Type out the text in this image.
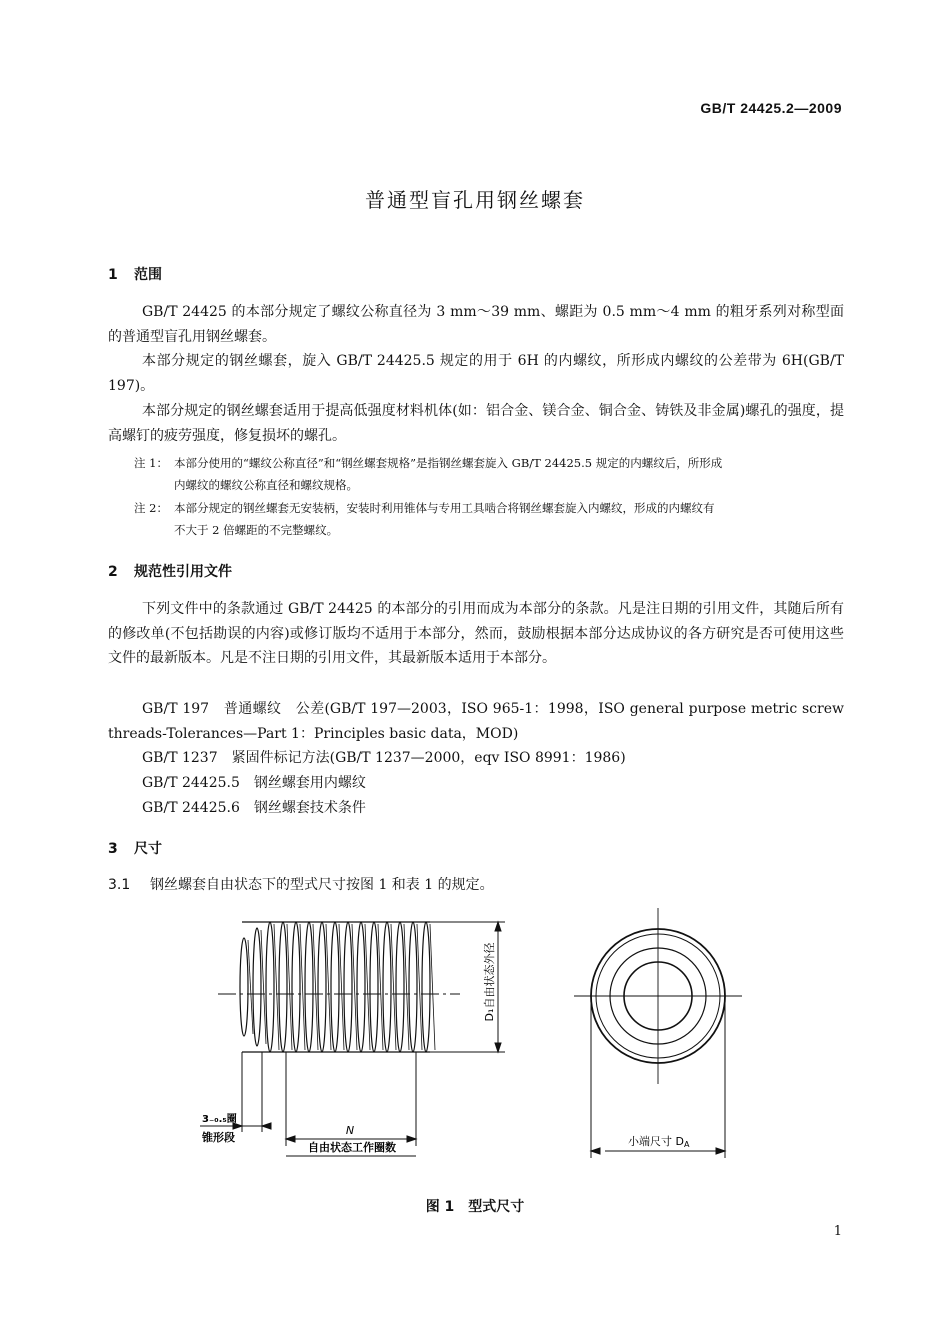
GB/T 24425.2—2009
普通型盲孔用钢丝螺套
1 范围
GB/T 24425 的本部分规定了螺纹公称直径为 3 mm～39 mm、螺距为 0.5 mm～4 mm 的粗牙系列对称型面的普通型盲孔用钢丝螺套。
本部分规定的钢丝螺套，旋入 GB/T 24425.5 规定的用于 6H 的内螺纹，所形成内螺纹的公差带为 6H(GB/T 197)。
本部分规定的钢丝螺套适用于提高低强度材料机体(如：铝合金、镁合金、铜合金、铸铁及非金属)螺孔的强度，提高螺钉的疲劳强度，修复损坏的螺孔。
注 1： 本部分使用的“螺纹公称直径”和“钢丝螺套规格”是指钢丝螺套旋入 GB/T 24425.5 规定的内螺纹后，所形成
内螺纹的螺纹公称直径和螺纹规格。
注 2： 本部分规定的钢丝螺套无安装柄，安装时利用锥体与专用工具啮合将钢丝螺套旋入内螺纹，形成的内螺纹有
不大于 2 倍螺距的不完整螺纹。
2 规范性引用文件
下列文件中的条款通过 GB/T 24425 的本部分的引用而成为本部分的条款。凡是注日期的引用文件，其随后所有的修改单(不包括勘误的内容)或修订版均不适用于本部分，然而，鼓励根据本部分达成协议的各方研究是否可使用这些文件的最新版本。凡是不注日期的引用文件，其最新版本适用于本部分。
GB/T 197　普通螺纹　公差(GB/T 197—2003，ISO 965-1：1998，ISO general purpose metric screw threads-Tolerances—Part 1：Principles basic data，MOD)
GB/T 1237　紧固件标记方法(GB/T 1237—2000，eqv ISO 8991：1986)
GB/T 24425.5　钢丝螺套用内螺纹
GB/T 24425.6　钢丝螺套技术条件
3 尺寸
3.1 钢丝螺套自由状态下的型式尺寸按图 1 和表 1 的规定。
D₁自由状态外径
N
自由状态工作圈数
3₋₀.₅圈
锥形段	小端尺寸 DA
图 1　型式尺寸
1
